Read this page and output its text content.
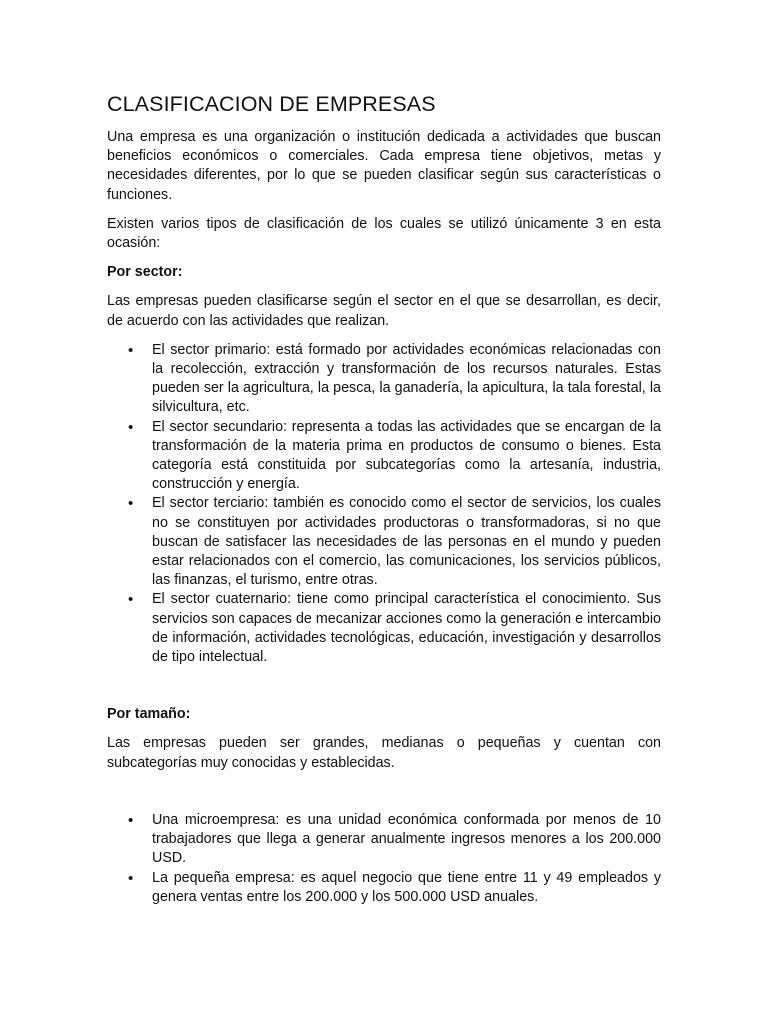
CLASIFICACION DE EMPRESAS

Una empresa es una organización o institución dedicada a actividades que buscan beneficios económicos o comerciales. Cada empresa tiene objetivos, metas y necesidades diferentes, por lo que se pueden clasificar según sus características o funciones.

Existen varios tipos de clasificación de los cuales se utilizó únicamente 3 en esta ocasión:

Por sector:

Las empresas pueden clasificarse según el sector en el que se desarrollan, es decir, de acuerdo con las actividades que realizan.

• El sector primario: está formado por actividades económicas relacionadas con la recolección, extracción y transformación de los recursos naturales. Estas pueden ser la agricultura, la pesca, la ganadería, la apicultura, la tala forestal, la silvicultura, etc.
• El sector secundario: representa a todas las actividades que se encargan de la transformación de la materia prima en productos de consumo o bienes. Esta categoría está constituida por subcategorías como la artesanía, industria, construcción y energía.
• El sector terciario: también es conocido como el sector de servicios, los cuales no se constituyen por actividades productoras o transformadoras, si no que buscan de satisfacer las necesidades de las personas en el mundo y pueden estar relacionados con el comercio, las comunicaciones, los servicios públicos, las finanzas, el turismo, entre otras.
• El sector cuaternario: tiene como principal característica el conocimiento. Sus servicios son capaces de mecanizar acciones como la generación e intercambio de información, actividades tecnológicas, educación, investigación y desarrollos de tipo intelectual.
Por tamaño:

Las empresas pueden ser grandes, medianas o pequeñas y cuentan con subcategorías muy conocidas y establecidas.

• Una microempresa: es una unidad económica conformada por menos de 10 trabajadores que llega a generar anualmente ingresos menores a los 200.000 USD.
• La pequeña empresa: es aquel negocio que tiene entre 11 y 49 empleados y genera ventas entre los 200.000 y los 500.000 USD anuales.
